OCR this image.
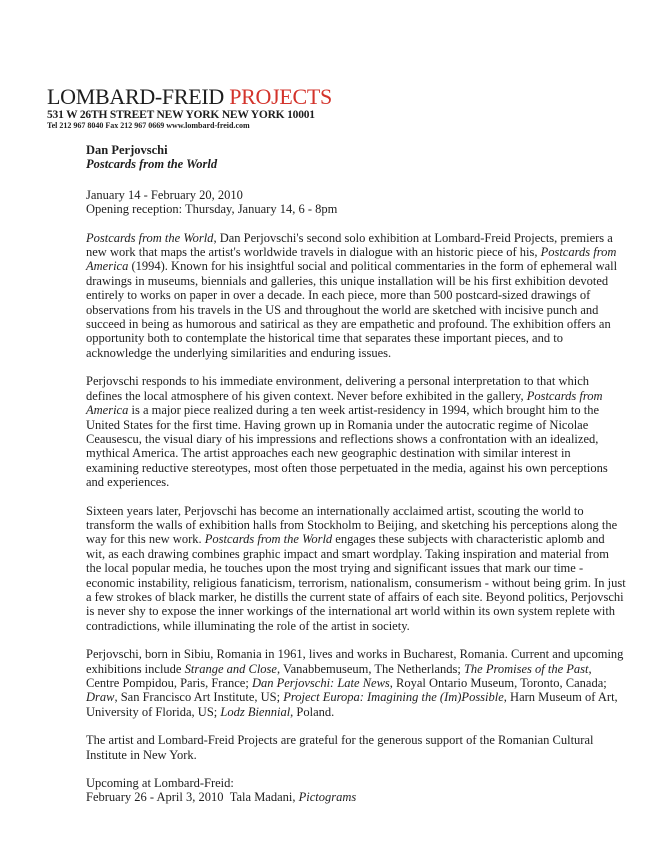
LOMBARD-FREID PROJECTS
531 W 26TH STREET NEW YORK NEW YORK 10001
Tel 212 967 8040 Fax 212 967 0669 www.lombard-freid.com
Dan Perjovschi
Postcards from the World
January 14 - February 20, 2010
Opening reception: Thursday, January 14, 6 - 8pm

Postcards from the World, Dan Perjovschi's second solo exhibition at Lombard-Freid Projects, premiers a new work that maps the artist's worldwide travels in dialogue with an historic piece of his, Postcards from America (1994). Known for his insightful social and political commentaries in the form of ephemeral wall drawings in museums, biennials and galleries, this unique installation will be his first exhibition devoted entirely to works on paper in over a decade. In each piece, more than 500 postcard-sized drawings of observations from his travels in the US and throughout the world are sketched with incisive punch and succeed in being as humorous and satirical as they are empathetic and profound. The exhibition offers an opportunity both to contemplate the historical time that separates these important pieces, and to acknowledge the underlying similarities and enduring issues.

Perjovschi responds to his immediate environment, delivering a personal interpretation to that which defines the local atmosphere of his given context. Never before exhibited in the gallery, Postcards from America is a major piece realized during a ten week artist-residency in 1994, which brought him to the United States for the first time. Having grown up in Romania under the autocratic regime of Nicolae Ceausescu, the visual diary of his impressions and reflections shows a confrontation with an idealized, mythical America. The artist approaches each new geographic destination with similar interest in examining reductive stereotypes, most often those perpetuated in the media, against his own perceptions and experiences.

Sixteen years later, Perjovschi has become an internationally acclaimed artist, scouting the world to transform the walls of exhibition halls from Stockholm to Beijing, and sketching his perceptions along the way for this new work. Postcards from the World engages these subjects with characteristic aplomb and wit, as each drawing combines graphic impact and smart wordplay. Taking inspiration and material from the local popular media, he touches upon the most trying and significant issues that mark our time - economic instability, religious fanaticism, terrorism, nationalism, consumerism - without being grim. In just a few strokes of black marker, he distills the current state of affairs of each site. Beyond politics, Perjovschi is never shy to expose the inner workings of the international art world within its own system replete with contradictions, while illuminating the role of the artist in society.

Perjovschi, born in Sibiu, Romania in 1961, lives and works in Bucharest, Romania. Current and upcoming exhibitions include Strange and Close, Vanabbemuseum, The Netherlands; The Promises of the Past, Centre Pompidou, Paris, France; Dan Perjovschi: Late News, Royal Ontario Museum, Toronto, Canada; Draw, San Francisco Art Institute, US; Project Europa: Imagining the (Im)Possible, Harn Museum of Art, University of Florida, US; Lodz Biennial, Poland.

The artist and Lombard-Freid Projects are grateful for the generous support of the Romanian Cultural Institute in New York.

Upcoming at Lombard-Freid:
February 26 - April 3, 2010 Tala Madani, Pictograms
